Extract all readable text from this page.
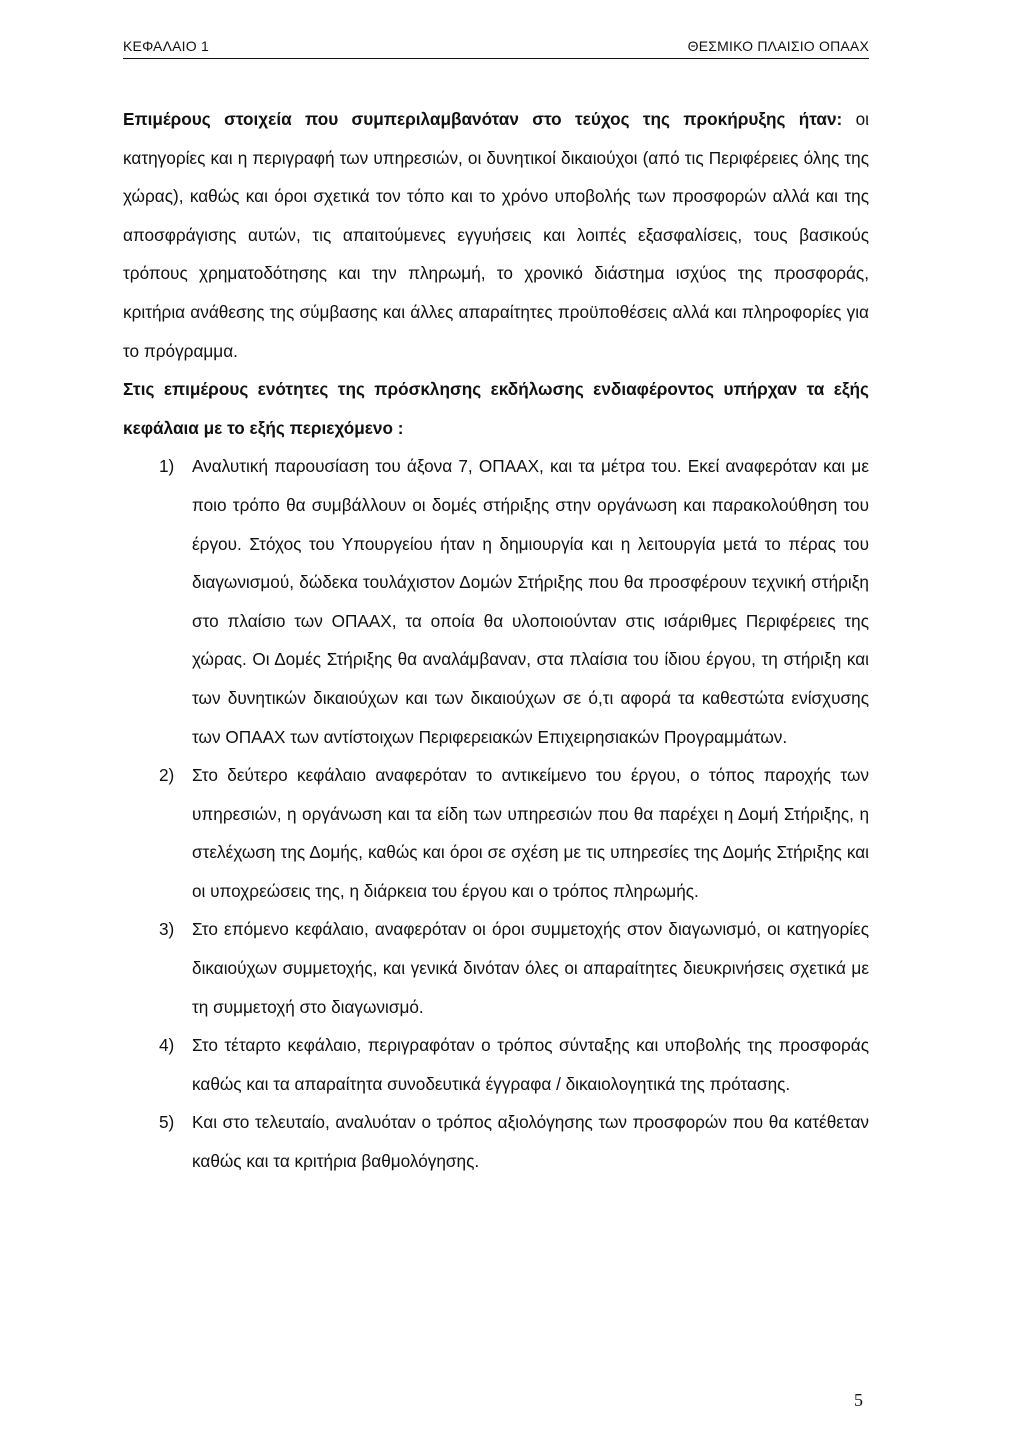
ΚΕΦΑΛΑΙΟ 1	ΘΕΣΜΙΚΟ ΠΛΑΙΣΙΟ ΟΠΑΑΧ

Επιμέρους στοιχεία που συμπεριλαμβανόταν στο τεύχος της προκήρυξης ήταν: οι κατηγορίες και η περιγραφή των υπηρεσιών, οι δυνητικοί δικαιούχοι (από τις Περιφέρειες όλης της χώρας), καθώς και όροι σχετικά τον τόπο και το χρόνο υποβολής των προσφορών αλλά και της αποσφράγισης αυτών, τις απαιτούμενες εγγυήσεις και λοιπές εξασφαλίσεις, τους βασικούς τρόπους χρηματοδότησης και την πληρωμή, το χρονικό διάστημα ισχύος της προσφοράς, κριτήρια ανάθεσης της σύμβασης και άλλες απαραίτητες προϋποθέσεις αλλά και πληροφορίες για το πρόγραμμα.

Στις επιμέρους ενότητες της πρόσκλησης εκδήλωσης ενδιαφέροντος υπήρχαν τα εξής κεφάλαια με το εξής περιεχόμενο :

1)	Αναλυτική παρουσίαση του άξονα 7, ΟΠΑΑΧ, και τα μέτρα του. Εκεί αναφερόταν και με ποιο τρόπο θα συμβάλλουν οι δομές στήριξης στην οργάνωση και παρακολούθηση του έργου. Στόχος του Υπουργείου ήταν η δημιουργία και η λειτουργία μετά το πέρας του διαγωνισμού, δώδεκα τουλάχιστον Δομών Στήριξης που θα προσφέρουν τεχνική στήριξη στο πλαίσιο των ΟΠΑΑΧ, τα οποία θα υλοποιούνταν στις ισάριθμες Περιφέρειες της χώρας. Οι Δομές Στήριξης θα αναλάμβαναν, στα πλαίσια του ίδιου έργου, τη στήριξη και των δυνητικών δικαιούχων και των δικαιούχων σε ό,τι αφορά τα καθεστώτα ενίσχυσης των ΟΠΑΑΧ των αντίστοιχων Περιφερειακών Επιχειρησιακών Προγραμμάτων.
2)	Στο δεύτερο κεφάλαιο αναφερόταν το αντικείμενο του έργου, ο τόπος παροχής των υπηρεσιών, η οργάνωση και τα είδη των υπηρεσιών που θα παρέχει η Δομή Στήριξης, η στελέχωση της Δομής, καθώς και όροι σε σχέση με τις υπηρεσίες της Δομής Στήριξης και οι υποχρεώσεις της, η διάρκεια του έργου και ο τρόπος πληρωμής.
3)	Στο επόμενο κεφάλαιο, αναφερόταν οι όροι συμμετοχής στον διαγωνισμό, οι κατηγορίες δικαιούχων συμμετοχής, και γενικά δινόταν όλες οι απαραίτητες διευκρινήσεις σχετικά με τη συμμετοχή στο διαγωνισμό.
4)	Στο τέταρτο κεφάλαιο, περιγραφόταν ο τρόπος σύνταξης και υποβολής της προσφοράς καθώς και τα απαραίτητα συνοδευτικά έγγραφα / δικαιολογητικά της πρότασης.
5)	Και στο τελευταίο, αναλυόταν ο τρόπος αξιολόγησης των προσφορών που θα κατέθεταν καθώς και τα κριτήρια βαθμολόγησης.
5
